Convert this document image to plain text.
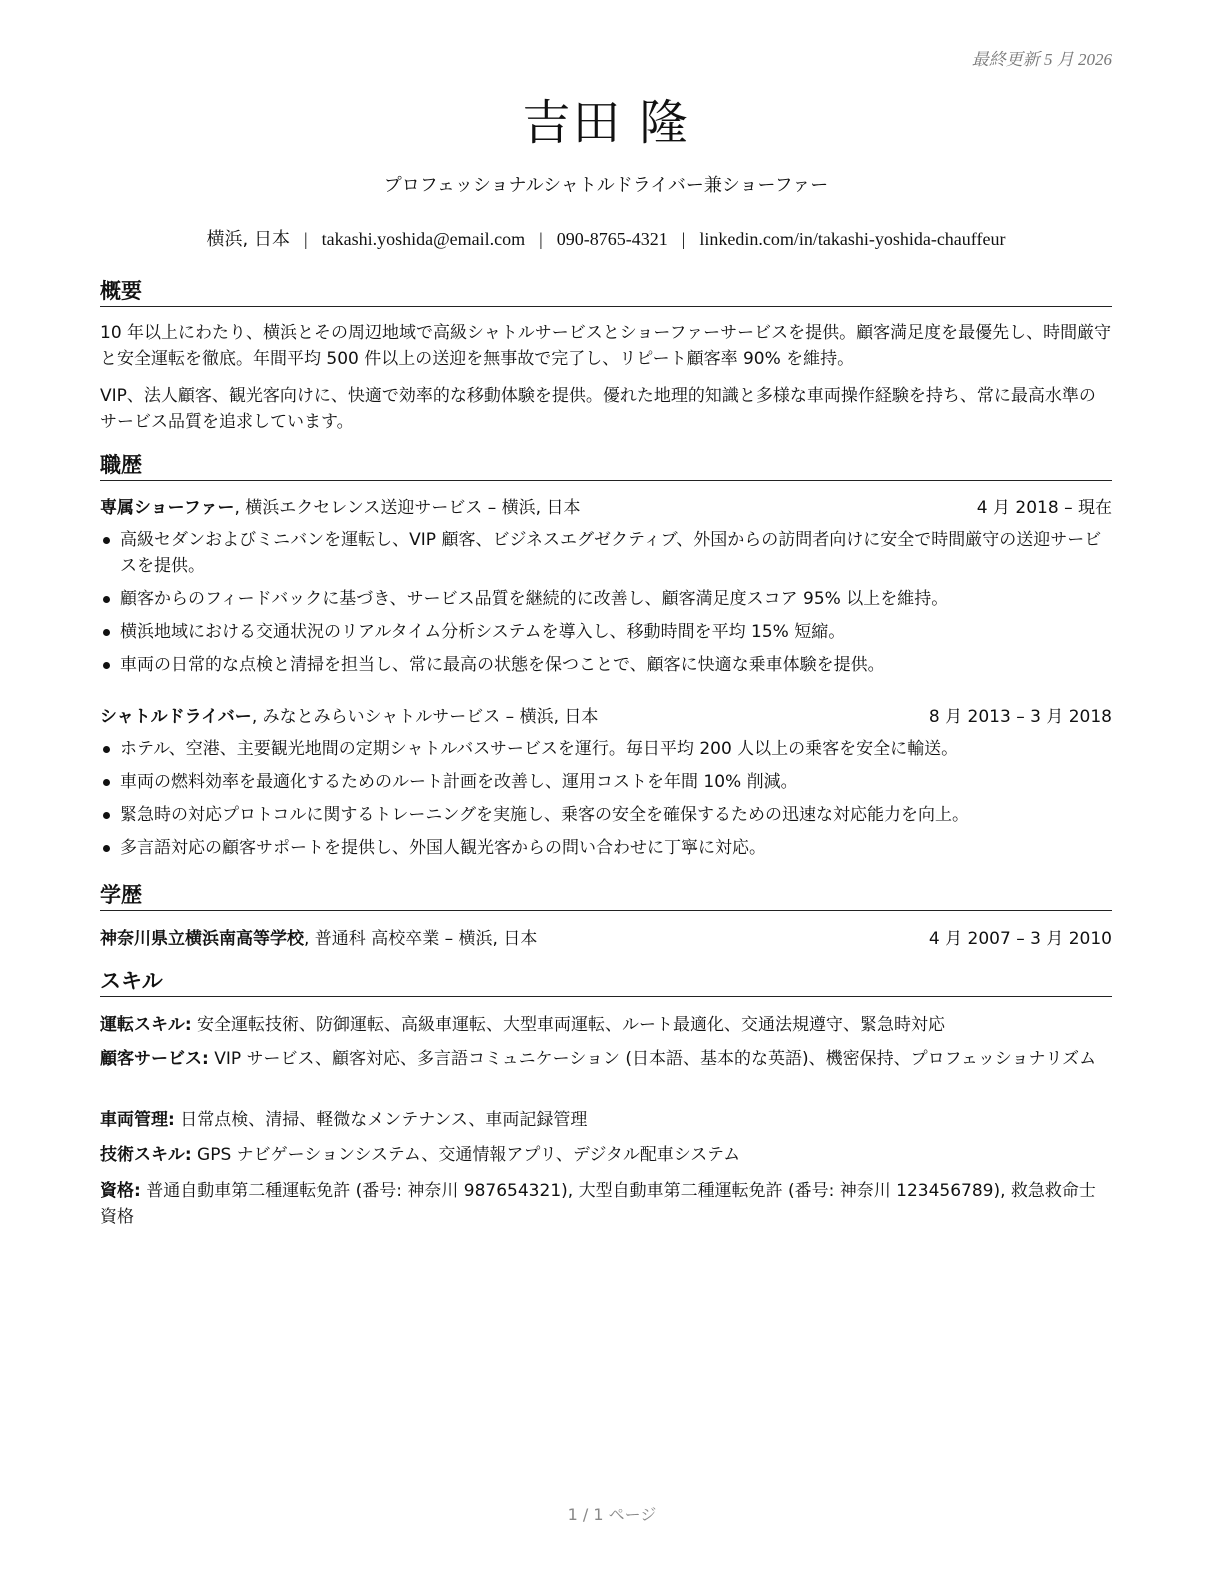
最終更新 5 月 2026
吉田 隆
プロフェッショナルシャトルドライバー兼ショーファー
横浜, 日本 | takashi.yoshida@email.com | 090-8765-4321 | linkedin.com/in/takashi-yoshida-chauffeur
概要
10 年以上にわたり、横浜とその周辺地域で高級シャトルサービスとショーファーサービスを提供。顧客満足度を最優先し、時間厳守と安全運転を徹底。年間平均 500 件以上の送迎を無事故で完了し、リピート顧客率 90% を維持。
VIP、法人顧客、観光客向けに、快適で効率的な移動体験を提供。優れた地理的知識と多様な車両操作経験を持ち、常に最高水準のサービス品質を追求しています。
職歴
専属ショーファー, 横浜エクセレンス送迎サービス – 横浜, 日本	4 月 2018 – 現在
高級セダンおよびミニバンを運転し、VIP 顧客、ビジネスエグゼクティブ、外国からの訪問者向けに安全で時間厳守の送迎サービスを提供。
顧客からのフィードバックに基づき、サービス品質を継続的に改善し、顧客満足度スコア 95% 以上を維持。
横浜地域における交通状況のリアルタイム分析システムを導入し、移動時間を平均 15% 短縮。
車両の日常的な点検と清掃を担当し、常に最高の状態を保つことで、顧客に快適な乗車体験を提供。
シャトルドライバー, みなとみらいシャトルサービス – 横浜, 日本	8 月 2013 – 3 月 2018
ホテル、空港、主要観光地間の定期シャトルバスサービスを運行。毎日平均 200 人以上の乗客を安全に輸送。
車両の燃料効率を最適化するためのルート計画を改善し、運用コストを年間 10% 削減。
緊急時の対応プロトコルに関するトレーニングを実施し、乗客の安全を確保するための迅速な対応能力を向上。
多言語対応の顧客サポートを提供し、外国人観光客からの問い合わせに丁寧に対応。
学歴
神奈川県立横浜南高等学校, 普通科 高校卒業 – 横浜, 日本	4 月 2007 – 3 月 2010
スキル
運転スキル: 安全運転技術、防御運転、高級車運転、大型車両運転、ルート最適化、交通法規遵守、緊急時対応
顧客サービス: VIP サービス、顧客対応、多言語コミュニケーション (日本語、基本的な英語)、機密保持、プロフェッショナリズム
車両管理: 日常点検、清掃、軽微なメンテナンス、車両記録管理
技術スキル: GPS ナビゲーションシステム、交通情報アプリ、デジタル配車システム
資格: 普通自動車第二種運転免許 (番号: 神奈川 987654321), 大型自動車第二種運転免許 (番号: 神奈川 123456789), 救急救命士資格
1 / 1 ページ
